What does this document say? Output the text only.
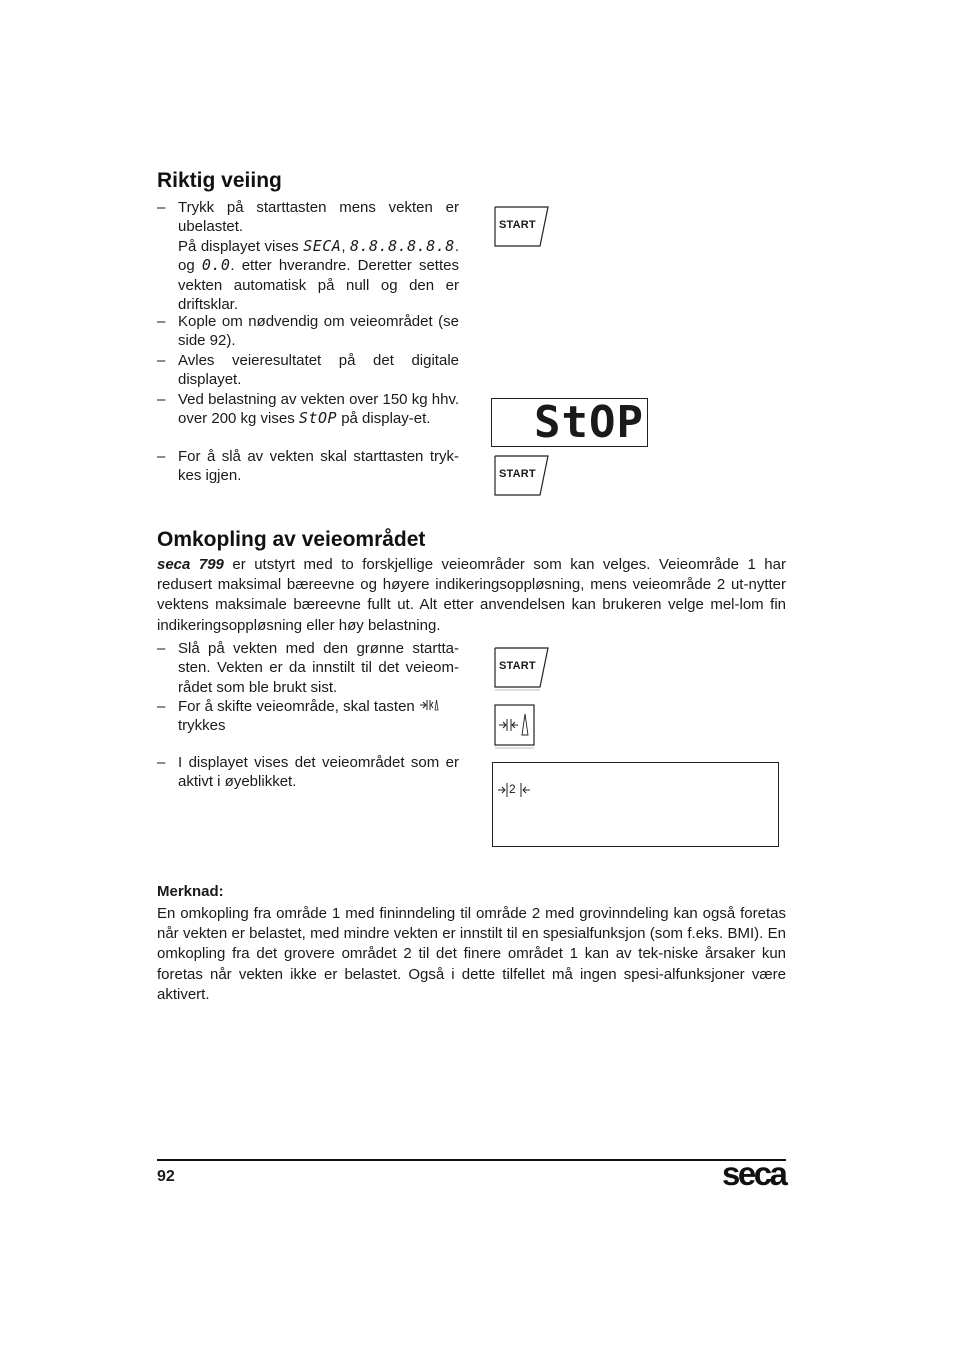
Riktig veiing
– Trykk på starttasten mens vekten er ubelastet.
På displayet vises SECA, 8.8.8.8.8.8. og 0.0. etter hverandre. Deretter settes vekten automatisk på null og den er driftsklar.
– Kople om nødvendig om veieområdet (se side 92).
– Avles veieresultatet på det digitale displayet.
– Ved belastning av vekten over 150 kg hhv. over 200 kg vises StOP på display-et.
– For å slå av vekten skal starttasten tryk-kes igjen.
START
StOP
START
Omkopling av veieområdet
seca 799 er utstyrt med to forskjellige veieområder som kan velges. Veieområde 1 har redusert maksimal bæreevne og høyere indikeringsoppløsning, mens veieområde 2 ut-nytter vektens maksimale bæreevne fullt ut. Alt etter anvendelsen kan brukeren velge mel-lom fin indikeringsoppløsning eller høy belastning.
– Slå på vekten med den grønne startta-sten. Vekten er da innstilt til det veieom-rådet som ble brukt sist.
– For å skifte veieområde, skal tasten
trykkes
– I displayet vises det veieområdet som er aktivt i øyeblikket.
START
2
Merknad:
En omkopling fra område 1 med fininndeling til område 2 med grovinndeling kan også foretas når vekten er belastet, med mindre vekten er innstilt til en spesialfunksjon (som f.eks. BMI). En omkopling fra det grovere området 2 til det finere området 1 kan av tek-niske årsaker kun foretas når vekten ikke er belastet. Også i dette tilfellet må ingen spesi-alfunksjoner være aktivert.
92	seca
